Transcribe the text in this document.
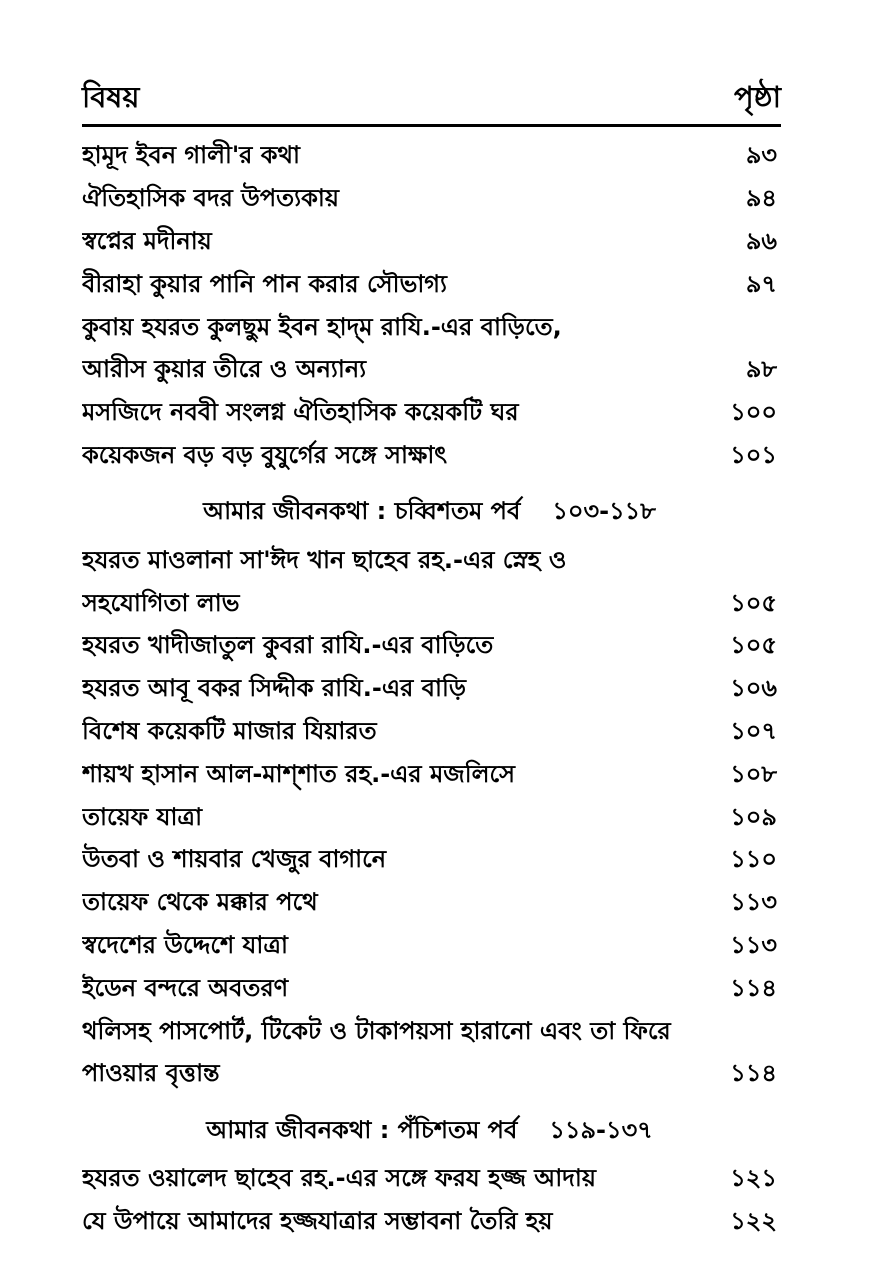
বিষয়	পৃষ্ঠা
হামূদ ইবন গালী'র কথা	৯৩
ঐতিহাসিক বদর উপত্যকায়	৯৪
স্বপ্নের মদীনায়	৯৬
বীরাহা কুয়ার পানি পান করার সৌভাগ্য	৯৭
কুবায় হযরত কুলছুম ইবন হাদ্‌ম রাযি.-এর বাড়িতে,
আরীস কুয়ার তীরে ও অন্যান্য	৯৮
মসজিদে নববী সংলগ্ন ঐতিহাসিক কয়েকটি ঘর	১০০
কয়েকজন বড় বড় বুযুর্গের সঙ্গে সাক্ষাৎ	১০১
আমার জীবনকথা : চব্বিশতম পর্ব ১০৩-১১৮
হযরত মাওলানা সা'ঈদ খান ছাহেব রহ.-এর স্নেহ ও
সহযোগিতা লাভ	১০৫
হযরত খাদীজাতুল কুবরা রাযি.-এর বাড়িতে	১০৫
হযরত আবূ বকর সিদ্দীক রাযি.-এর বাড়ি	১০৬
বিশেষ কয়েকটি মাজার যিয়ারত	১০৭
শায়খ হাসান আল-মাশ্‌শাত রহ.-এর মজলিসে	১০৮
তায়েফ যাত্রা	১০৯
উতবা ও শায়বার খেজুর বাগানে	১১০
তায়েফ থেকে মক্কার পথে	১১৩
স্বদেশের উদ্দেশে যাত্রা	১১৩
ইডেন বন্দরে অবতরণ	১১৪
থলিসহ পাসপোর্ট, টিকেট ও টাকাপয়সা হারানো এবং তা ফিরে
পাওয়ার বৃত্তান্ত	১১৪
আমার জীবনকথা : পঁচিশতম পর্ব ১১৯-১৩৭
হযরত ওয়ালেদ ছাহেব রহ.-এর সঙ্গে ফরয হজ্জ আদায়	১২১
যে উপায়ে আমাদের হজ্জযাত্রার সম্ভাবনা তৈরি হয়	১২২
